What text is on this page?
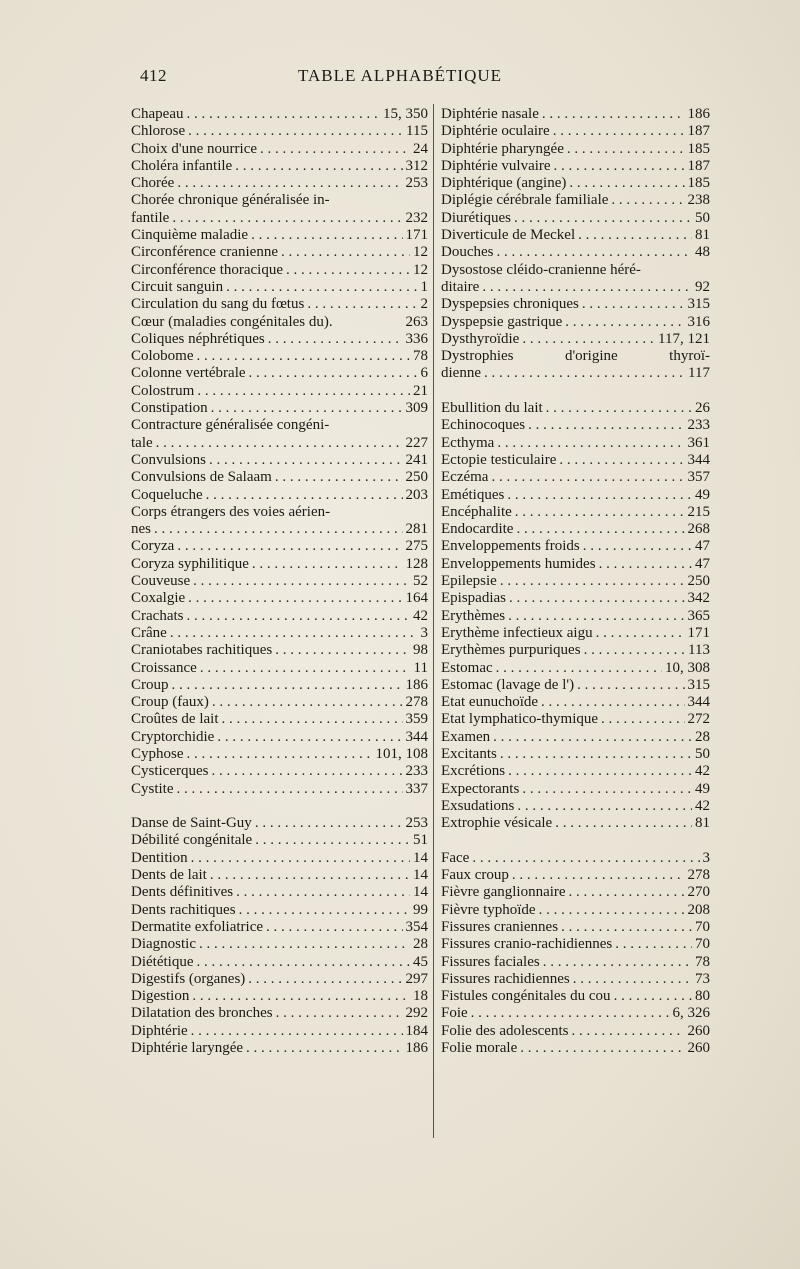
412	TABLE ALPHABÉTIQUE
Chapeau . . .	15, 350
Chlorose . . .	115
Choix d'une nourrice . . .	24
Choléra infantile . . .	312
Chorée . . .	253
Chorée chronique généralisée in-
fantile . . .	232
Cinquième maladie . . .	171
Circonférence cranienne . . .	12
Circonférence thoracique . . .	12
Circuit sanguin . . .	1
Circulation du sang du fœtus . . .	2
Cœur (maladies congénitales du).	263
Coliques néphrétiques . . .	336
Colobome . . .	78
Colonne vertébrale . . .	6
Colostrum . . .	21
Constipation . . .	309
Contracture généralisée congéni-
tale . . .	227
Convulsions . . .	241
Convulsions de Salaam . . .	250
Coqueluche . . .	203
Corps étrangers des voies aérien-
nes . . .	281
Coryza . . .	275
Coryza syphilitique . . .	128
Couveuse . . .	52
Coxalgie . . .	164
Crachats . . .	42
Crâne . . .	3
Craniotabes rachitiques . . .	98
Croissance . . .	11
Croup . . .	186
Croup (faux) . . .	278
Croûtes de lait . . .	359
Cryptorchidie . . .	344
Cyphose . . .	101, 108
Cysticerques . . .	233
Cystite . . .	337
Danse de Saint-Guy . . .	253
Débilité congénitale . . .	51
Dentition . . .	14
Dents de lait . . .	14
Dents définitives . . .	14
Dents rachitiques . . .	99
Dermatite exfoliatrice . . .	354
Diagnostic . . .	28
Diététique . . .	45
Digestifs (organes) . . .	297
Digestion . . .	18
Dilatation des bronches . . .	292
Diphtérie . . .	184
Diphtérie laryngée . . .	186
Diphtérie nasale . . .	186
Diphtérie oculaire . . .	187
Diphtérie pharyngée . . .	185
Diphtérie vulvaire . . .	187
Diphtérique (angine) . . .	185
Diplégie cérébrale familiale . . .	238
Diurétiques . . .	50
Diverticule de Meckel . . .	81
Douches . . .	48
Dysostose cléido-cranienne héré-
ditaire . . .	92
Dyspepsies chroniques . . .	315
Dyspepsie gastrique . . .	316
Dysthyroïdie . . .	117, 121
Dystrophies	d'origine	thyroï-
dienne . . .	117
Ebullition du lait . . .	26
Echinocoques . . .	233
Ecthyma . . .	361
Ectopie testiculaire . . .	344
Eczéma . . .	357
Emétiques . . .	49
Encéphalite . . .	215
Endocardite . . .	268
Enveloppements froids . . .	47
Enveloppements humides . . .	47
Epilepsie . . .	250
Epispadias . . .	342
Erythèmes . . .	365
Erythème infectieux aigu . . .	171
Erythèmes purpuriques . . .	113
Estomac . . .	10, 308
Estomac (lavage de l') . . .	315
Etat eunuchoïde . . .	344
Etat lymphatico-thymique . . .	272
Examen . . .	28
Excitants . . .	50
Excrétions . . .	42
Expectorants . . .	49
Exsudations . . .	42
Extrophie vésicale . . .	81
Face . . .	3
Faux croup . . .	278
Fièvre ganglionnaire . . .	270
Fièvre typhoïde . . .	208
Fissures craniennes . . .	70
Fissures cranio-rachidiennes . . .	70
Fissures faciales . . .	78
Fissures rachidiennes . . .	73
Fistules congénitales du cou . . .	80
Foie . . .	6, 326
Folie des adolescents . . .	260
Folie morale . . .	260
